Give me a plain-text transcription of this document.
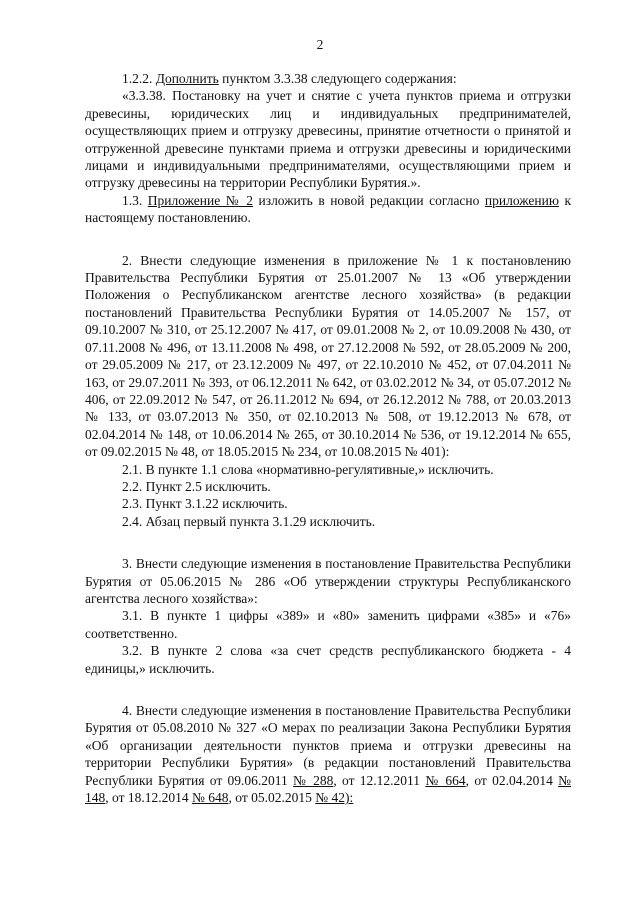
2

1.2.2. Дополнить пунктом 3.3.38 следующего содержания:

«3.3.38. Постановку на учет и снятие с учета пунктов приема и отгрузки древесины, юридических лиц и индивидуальных предпринимателей, осуществляющих прием и отгрузку древесины, принятие отчетности о принятой и отгруженной древесине пунктами приема и отгрузки древесины и юридическими лицами и индивидуальными предпринимателями, осуществляющими прием и отгрузку древесины на территории Республики Бурятия.».

1.3. Приложение № 2 изложить в новой редакции согласно приложению к настоящему постановлению.

2. Внести следующие изменения в приложение № 1 к постановлению Правительства Республики Бурятия от 25.01.2007 № 13 «Об утверждении Положения о Республиканском агентстве лесного хозяйства» (в редакции постановлений Правительства Республики Бурятия от 14.05.2007 № 157, от 09.10.2007 № 310, от 25.12.2007 № 417, от 09.01.2008 № 2, от 10.09.2008 № 430, от 07.11.2008 № 496, от 13.11.2008 № 498, от 27.12.2008 № 592, от 28.05.2009 № 200, от 29.05.2009 № 217, от 23.12.2009 № 497, от 22.10.2010 № 452, от 07.04.2011 № 163, от 29.07.2011 № 393, от 06.12.2011 № 642, от 03.02.2012 № 34, от 05.07.2012 № 406, от 22.09.2012 № 547, от 26.11.2012 № 694, от 26.12.2012 № 788, от 20.03.2013 № 133, от 03.07.2013 № 350, от 02.10.2013 № 508, от 19.12.2013 № 678, от 02.04.2014 № 148, от 10.06.2014 № 265, от 30.10.2014 № 536, от 19.12.2014 № 655, от 09.02.2015 № 48, от 18.05.2015 № 234, от 10.08.2015 № 401):

2.1. В пункте 1.1 слова «нормативно-регулятивные,» исключить.

2.2. Пункт 2.5 исключить.

2.3. Пункт 3.1.22 исключить.

2.4. Абзац первый пункта 3.1.29 исключить.

3. Внести следующие изменения в постановление Правительства Республики Бурятия от 05.06.2015 № 286 «Об утверждении структуры Республиканского агентства лесного хозяйства»:

3.1. В пункте 1 цифры «389» и «80» заменить цифрами «385» и «76» соответственно.

3.2. В пункте 2 слова «за счет средств республиканского бюджета - 4 единицы,» исключить.

4. Внести следующие изменения в постановление Правительства Республики Бурятия от 05.08.2010 № 327 «О мерах по реализации Закона Республики Бурятия «Об организации деятельности пунктов приема и отгрузки древесины на территории Республики Бурятия» (в редакции постановлений Правительства Республики Бурятия от 09.06.2011 № 288, от 12.12.2011 № 664, от 02.04.2014 № 148, от 18.12.2014 № 648, от 05.02.2015 № 42):
